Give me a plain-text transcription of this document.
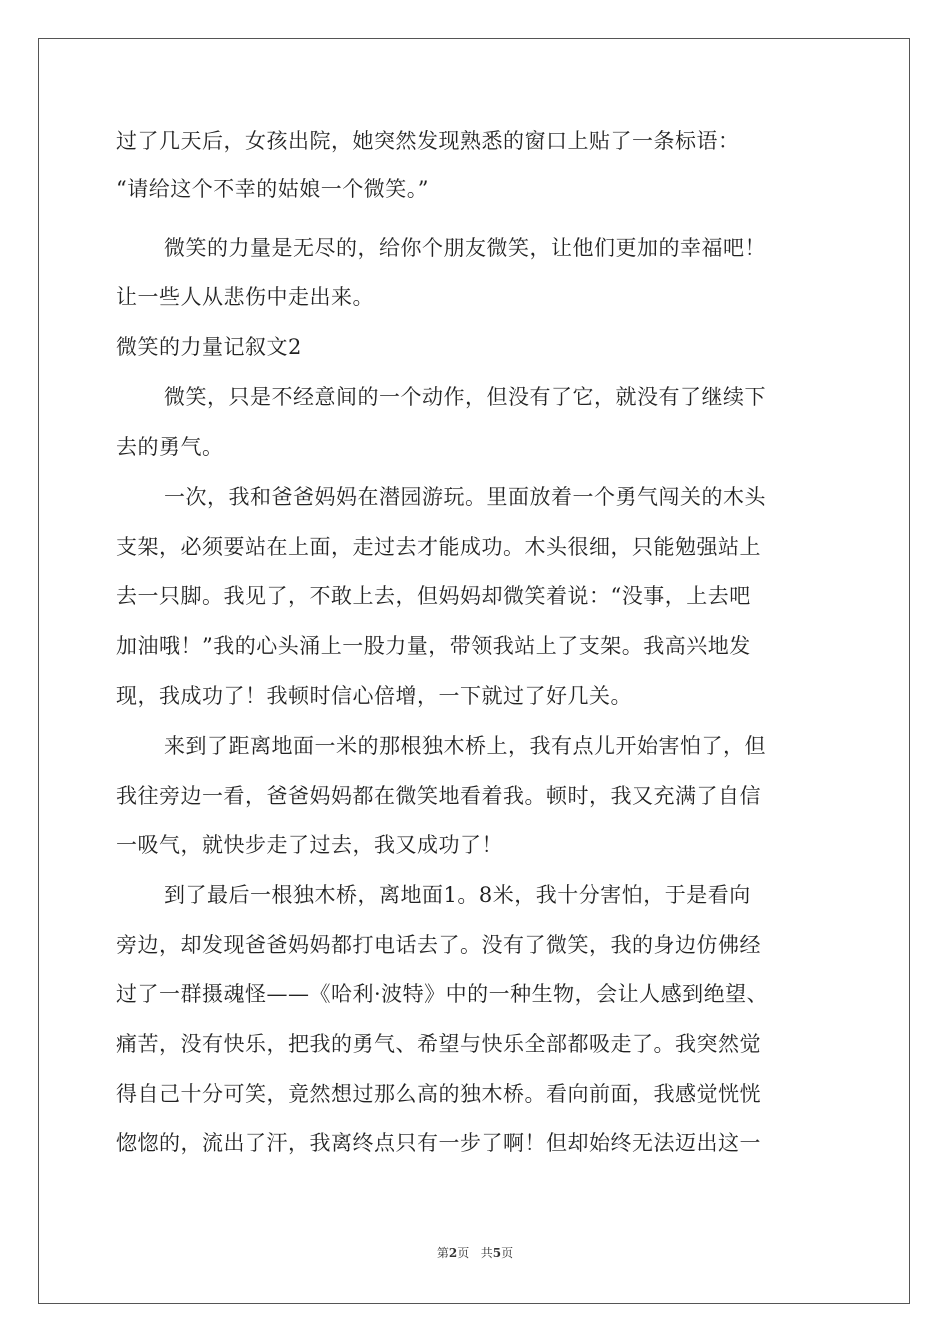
过了几天后，女孩出院，她突然发现熟悉的窗口上贴了一条标语：
“请给这个不幸的姑娘一个微笑。”
微笑的力量是无尽的，给你个朋友微笑，让他们更加的幸福吧！
让一些人从悲伤中走出来。
微笑的力量记叙文2
微笑，只是不经意间的一个动作，但没有了它，就没有了继续下
去的勇气。
一次，我和爸爸妈妈在潜园游玩。里面放着一个勇气闯关的木头
支架，必须要站在上面，走过去才能成功。木头很细，只能勉强站上
去一只脚。我见了，不敢上去，但妈妈却微笑着说：“没事，上去吧
加油哦！”我的心头涌上一股力量，带领我站上了支架。我高兴地发
现，我成功了！我顿时信心倍增，一下就过了好几关。
来到了距离地面一米的那根独木桥上，我有点儿开始害怕了，但
我往旁边一看，爸爸妈妈都在微笑地看着我。顿时，我又充满了自信
一吸气，就快步走了过去，我又成功了！
到了最后一根独木桥，离地面1。8米，我十分害怕，于是看向
旁边，却发现爸爸妈妈都打电话去了。没有了微笑，我的身边仿佛经
过了一群摄魂怪——《哈利·波特》中的一种生物，会让人感到绝望、
痛苦，没有快乐，把我的勇气、希望与快乐全部都吸走了。我突然觉
得自己十分可笑，竟然想过那么高的独木桥。看向前面，我感觉恍恍
惚惚的，流出了汗，我离终点只有一步了啊！但却始终无法迈出这一
第2页 共5页
